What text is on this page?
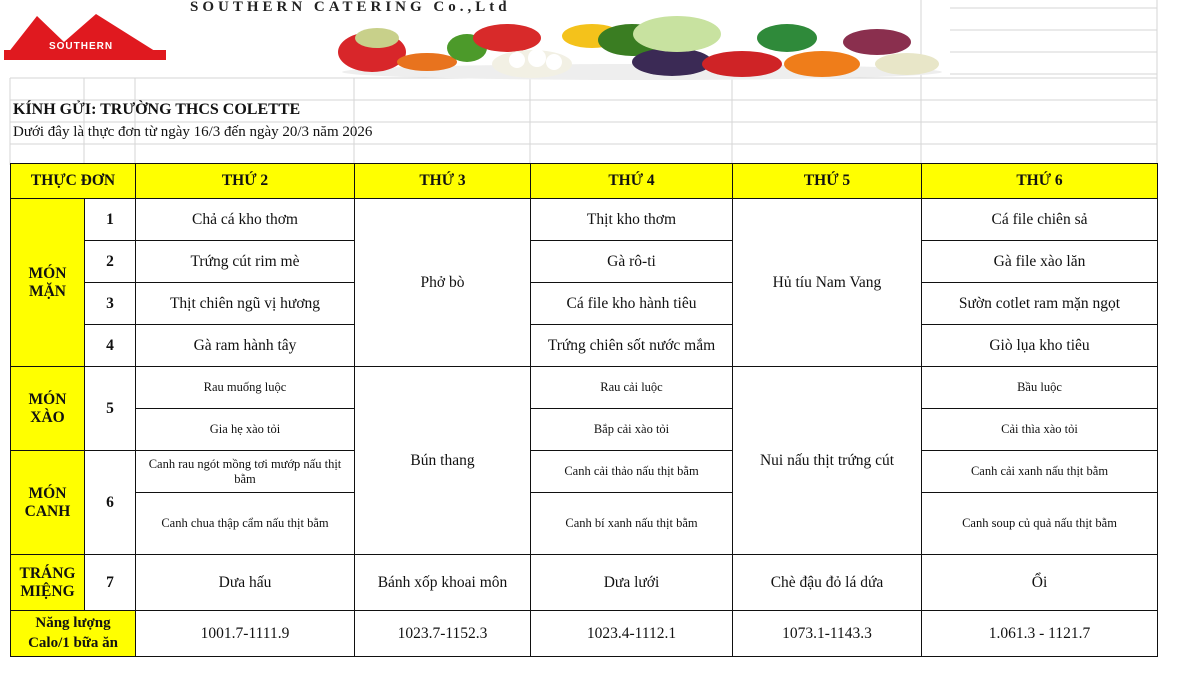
SOUTHERN
SOUTHERN CATERING Co.,Ltd
KÍNH GỬI: TRƯỜNG THCS COLETTE
Dưới đây là thực đơn từ ngày 16/3 đến ngày 20/3 năm 2026
THỰC ĐƠN		THỨ 2	THỨ 3	THỨ 4	THỨ 5	THỨ 6
MÓN MẶN	1	Chả cá kho thơm	Phở bò	Thịt kho thơm	Hủ tíu Nam Vang	Cá file chiên sả
	2	Trứng cút rim mè		Gà rô-ti		Gà file xào lăn
	3	Thịt chiên ngũ vị hương		Cá file kho hành tiêu		Sườn cotlet ram mặn ngọt
	4	Gà ram hành tây		Trứng chiên sốt nước mắm		Giò lụa kho tiêu
MÓN XÀO	5	Rau muống luộc	Bún thang	Rau cải luộc	Nui nấu thịt trứng cút	Bầu luộc
		Gia hẹ xào tỏi		Bắp cải xào tỏi		Cải thìa xào tỏi
MÓN CANH	6	Canh rau ngót mồng tơi mướp nấu thịt bằm		Canh cải thảo nấu thịt bằm		Canh cải xanh nấu thịt bằm
		Canh chua thập cẩm nấu thịt bằm		Canh bí xanh nấu thịt bằm		Canh soup củ quả nấu thịt bằm
TRÁNG MIỆNG	7	Dưa hấu	Bánh xốp khoai môn	Dưa lưới	Chè đậu đỏ lá dứa	Ổi
Năng lượng Calo/1 bữa ăn		1001.7-1111.9	1023.7-1152.3	1023.4-1112.1	1073.1-1143.3	1.061.3 - 1121.7
